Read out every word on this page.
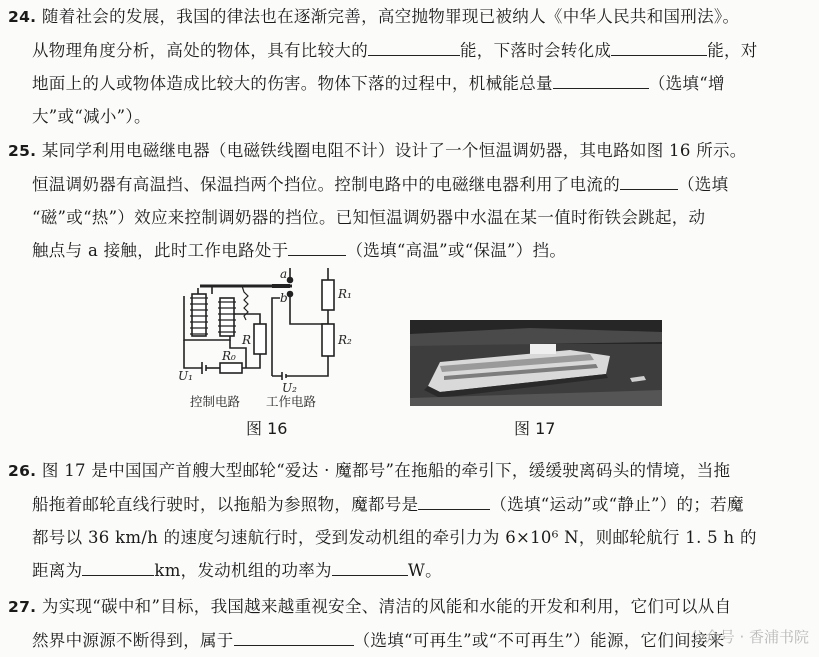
24. 随着社会的发展，我国的律法也在逐渐完善，高空抛物罪现已被纳人《中华人民共和国刑法》。
从物理角度分析，高处的物体，具有比较大的	能，下落时会转化成	能，对
地面上的人或物体造成比较大的伤害。物体下落的过程中，机械能总量	（选填“增
大”或“减小”）。
25. 某同学利用电磁继电器（电磁铁线圈电阻不计）设计了一个恒温调奶器，其电路如图 16 所示。
恒温调奶器有高温挡、保温挡两个挡位。控制电路中的电磁继电器利用了电流的	（选填
“磁”或“热”）效应来控制调奶器的挡位。已知恒温调奶器中水温在某一值时衔铁会跳起，动
触点与 a 接触，此时工作电路处于	（选填“高温”或“保温”）挡。
a
b	R₁
R₂
R
R₀
U₁
U₂
控制电路 工作电路
图 16	图 17
26. 图 17 是中国国产首艘大型邮轮“爱达 · 魔都号”在拖船的牵引下，缓缓驶离码头的情境，当拖
船拖着邮轮直线行驶时，以拖船为参照物，魔都号是	（选填“运动”或“静止”）的；若魔
都号以 36 km/h 的速度匀速航行时，受到发动机组的牵引力为 6×10⁶ N，则邮轮航行 1. 5 h 的
距离为	km，发动机组的功率为	W。
27. 为实现“碳中和”目标，我国越来越重视安全、清洁的风能和水能的开发和利用，它们可以从自
然界中源源不断得到，属于	（选填“可再生”或“不可再生”）能源，它们间接来
公众号 · 香浦书院
